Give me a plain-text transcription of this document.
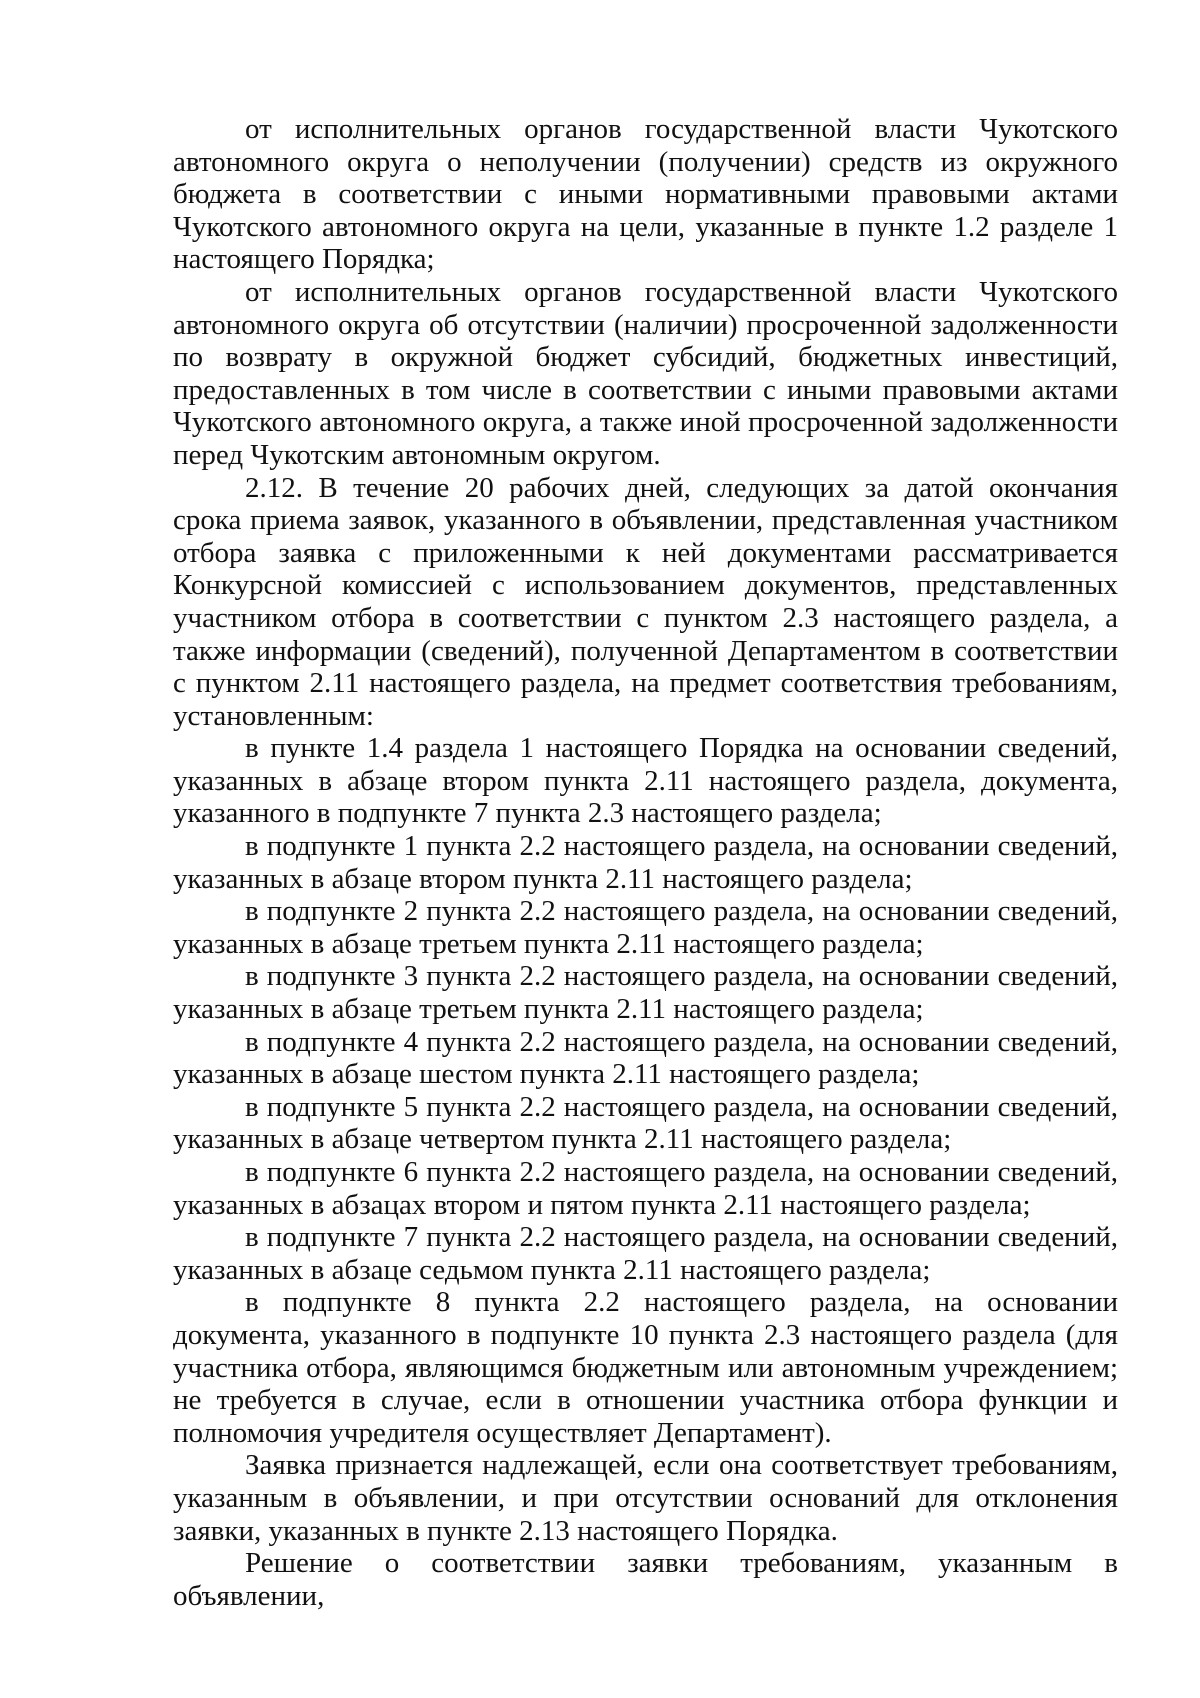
от исполнительных органов государственной власти Чукотского автономного округа о неполучении (получении) средств из окружного бюджета в соответствии с иными нормативными правовыми актами Чукотского автономного округа на цели, указанные в пункте 1.2 разделе 1 настоящего Порядка;

от исполнительных органов государственной власти Чукотского автономного округа об отсутствии (наличии) просроченной задолженности по возврату в окружной бюджет субсидий, бюджетных инвестиций, предоставленных в том числе в соответствии с иными правовыми актами Чукотского автономного округа, а также иной просроченной задолженности перед Чукотским автономным округом.

2.12. В течение 20 рабочих дней, следующих за датой окончания срока приема заявок, указанного в объявлении, представленная участником отбора заявка с приложенными к ней документами рассматривается Конкурсной комиссией с использованием документов, представленных участником отбора в соответствии с пунктом 2.3 настоящего раздела, а также информации (сведений), полученной Департаментом в соответствии с пунктом 2.11 настоящего раздела, на предмет соответствия требованиям, установленным:

в пункте 1.4 раздела 1 настоящего Порядка на основании сведений, указанных в абзаце втором пункта 2.11 настоящего раздела, документа, указанного в подпункте 7 пункта 2.3 настоящего раздела;

в подпункте 1 пункта 2.2 настоящего раздела, на основании сведений, указанных в абзаце втором пункта 2.11 настоящего раздела;

в подпункте 2 пункта 2.2 настоящего раздела, на основании сведений, указанных в абзаце третьем пункта 2.11 настоящего раздела;

в подпункте 3 пункта 2.2 настоящего раздела, на основании сведений, указанных в абзаце третьем пункта 2.11 настоящего раздела;

в подпункте 4 пункта 2.2 настоящего раздела, на основании сведений, указанных в абзаце шестом пункта 2.11 настоящего раздела;

в подпункте 5 пункта 2.2 настоящего раздела, на основании сведений, указанных в абзаце четвертом пункта 2.11 настоящего раздела;

в подпункте 6 пункта 2.2 настоящего раздела, на основании сведений, указанных в абзацах втором и пятом пункта 2.11 настоящего раздела;

в подпункте 7 пункта 2.2 настоящего раздела, на основании сведений, указанных в абзаце седьмом пункта 2.11 настоящего раздела;

в подпункте 8 пункта 2.2 настоящего раздела, на основании документа, указанного в подпункте 10 пункта 2.3 настоящего раздела (для участника отбора, являющимся бюджетным или автономным учреждением; не требуется в случае, если в отношении участника отбора функции и полномочия учредителя осуществляет Департамент).

Заявка признается надлежащей, если она соответствует требованиям, указанным в объявлении, и при отсутствии оснований для отклонения заявки, указанных в пункте 2.13 настоящего Порядка.

Решение о соответствии заявки требованиям, указанным в объявлении,
